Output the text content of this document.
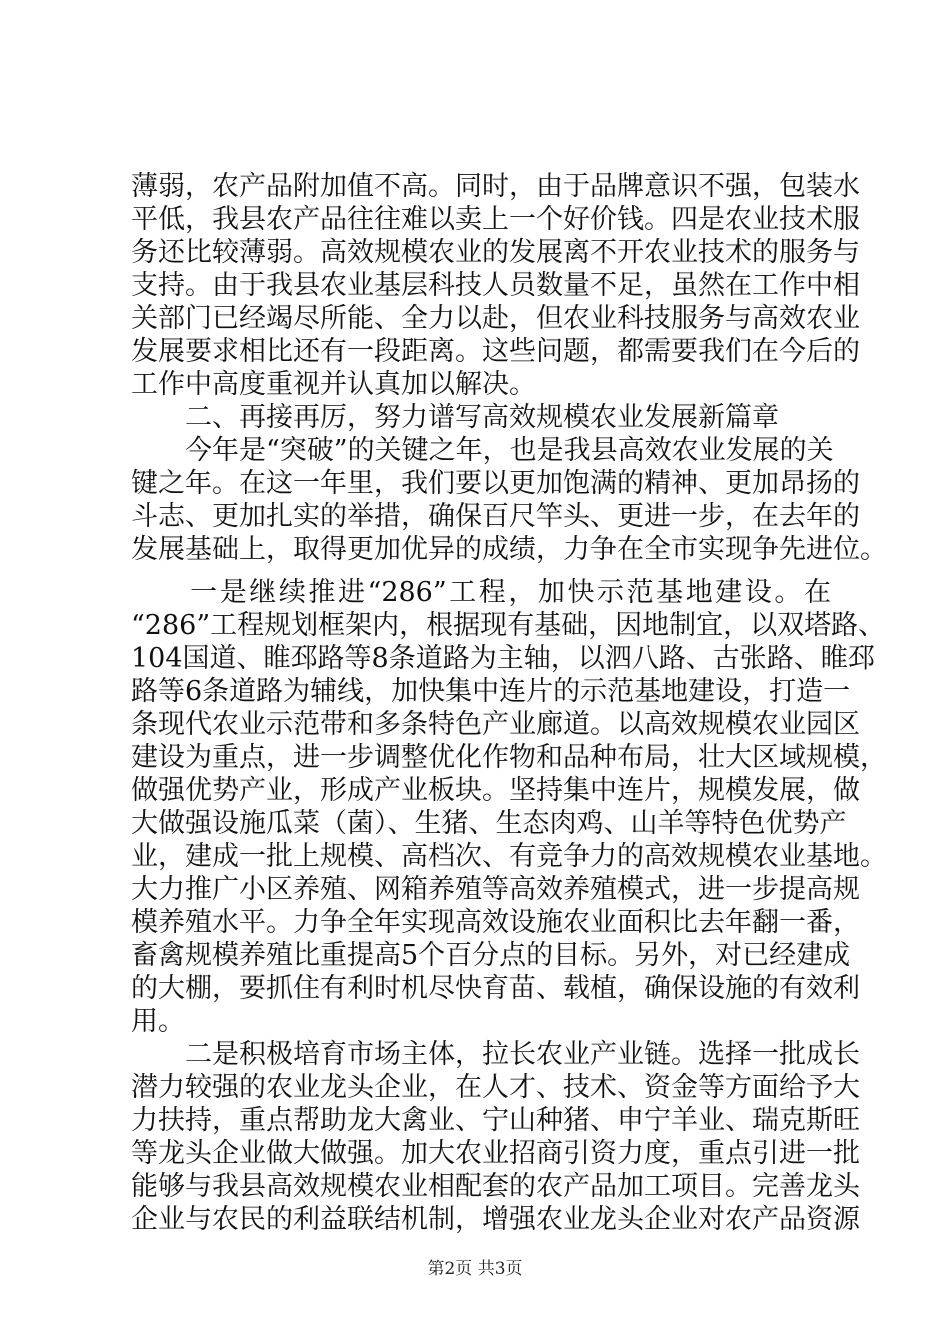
薄弱，农产品附加值不高。同时，由于品牌意识不强，包装水
平低，我县农产品往往难以卖上一个好价钱。四是农业技术服
务还比较薄弱。高效规模农业的发展离不开农业技术的服务与
支持。由于我县农业基层科技人员数量不足，虽然在工作中相
关部门已经竭尽所能、全力以赴，但农业科技服务与高效农业
发展要求相比还有一段距离。这些问题，都需要我们在今后的
工作中高度重视并认真加以解决。
　　二、再接再厉，努力谱写高效规模农业发展新篇章
　　今年是“突破”的关键之年，也是我县高效农业发展的关
键之年。在这一年里，我们要以更加饱满的精神、更加昂扬的
斗志、更加扎实的举措，确保百尺竿头、更进一步，在去年的
发展基础上，取得更加优异的成绩，力争在全市实现争先进位。
　　一是继续推进“286”工程，加快示范基地建设。在
“286”工程规划框架内，根据现有基础，因地制宜，以双塔路、
104国道、睢邳路等8条道路为主轴，以泗八路、古张路、睢邳
路等6条道路为辅线，加快集中连片的示范基地建设，打造一
条现代农业示范带和多条特色产业廊道。以高效规模农业园区
建设为重点，进一步调整优化作物和品种布局，壮大区域规模，
做强优势产业，形成产业板块。坚持集中连片，规模发展，做
大做强设施瓜菜（菌）、生猪、生态肉鸡、山羊等特色优势产
业，建成一批上规模、高档次、有竞争力的高效规模农业基地。
大力推广小区养殖、网箱养殖等高效养殖模式，进一步提高规
模养殖水平。力争全年实现高效设施农业面积比去年翻一番，
畜禽规模养殖比重提高5个百分点的目标。另外，对已经建成
的大棚，要抓住有利时机尽快育苗、载植，确保设施的有效利
用。
　　二是积极培育市场主体，拉长农业产业链。选择一批成长
潜力较强的农业龙头企业，在人才、技术、资金等方面给予大
力扶持，重点帮助龙大禽业、宁山种猪、申宁羊业、瑞克斯旺
等龙头企业做大做强。加大农业招商引资力度，重点引进一批
能够与我县高效规模农业相配套的农产品加工项目。完善龙头
企业与农民的利益联结机制，增强农业龙头企业对农产品资源
第2页 共3页
